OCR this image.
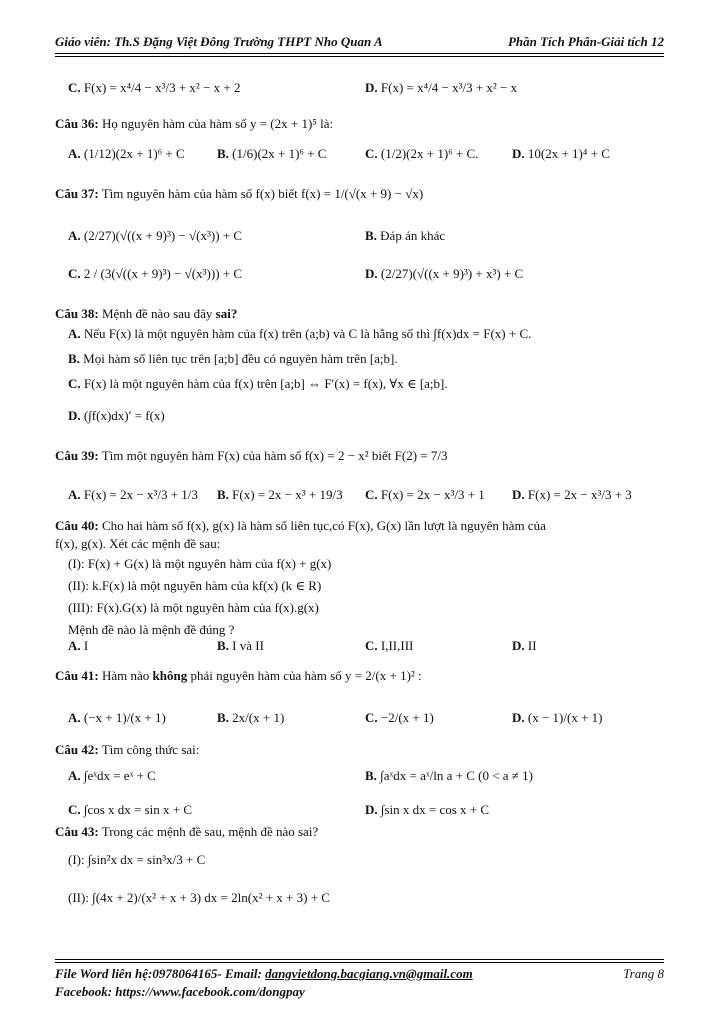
Giáo viên: Th.S Đặng Việt Đông Trường THPT Nho Quan A	Phần Tích Phân-Giải tích 12
C. F(x) = x⁴/4 − x³/3 + x² − x + 2	D. F(x) = x⁴/4 − x³/3 + x² − x
Câu 36: Họ nguyên hàm của hàm số y = (2x + 1)⁵ là:
A. (1/12)(2x + 1)⁶ + C B. (1/6)(2x + 1)⁶ + C	C. (1/2)(2x + 1)⁶ + C.	D. 10(2x + 1)⁴ + C
Câu 37: Tìm nguyên hàm của hàm số f(x) biết f(x) = 1/(√(x + 9) − √x)
A. (2/27)(√((x + 9)³) − √(x³)) + C	B. Đáp án khác
C. 2 / (3(√((x + 9)³) − √(x³))) + C	D. (2/27)(√((x + 9)³) + x³) + C
Câu 38: Mệnh đề nào sau đây sai?
A. Nếu F(x) là một nguyên hàm của f(x) trên (a;b) và C là hằng số thì ∫f(x)dx = F(x) + C.
B. Mọi hàm số liên tục trên [a;b] đều có nguyên hàm trên [a;b].
C. F(x) là một nguyên hàm của f(x) trên [a;b] ⇔ F′(x) = f(x), ∀x ∈ [a;b].
D. (∫f(x)dx)′ = f(x)
Câu 39: Tìm một nguyên hàm F(x) của hàm số f(x) = 2 − x² biết F(2) = 7/3
A. F(x) = 2x − x³/3 + 1/3 B. F(x) = 2x − x³ + 19/3 C. F(x) = 2x − x³/3 + 1 D. F(x) = 2x − x³/3 + 3
Câu 40: Cho hai hàm số f(x), g(x) là hàm số liên tục,có F(x), G(x) lần lượt là nguyên hàm của
f(x), g(x). Xét các mệnh đề sau:
(I): F(x) + G(x) là một nguyên hàm của f(x) + g(x)
(II): k.F(x) là một nguyên hàm của kf(x) (k ∈ R)
(III): F(x).G(x) là một nguyên hàm của f(x).g(x)
Mệnh đề nào là mệnh đề đúng ?
A. I	B. I và II	C. I,II,III	D. II
Câu 41: Hàm nào không phải nguyên hàm của hàm số y = 2/(x + 1)² :
A. (−x + 1)/(x + 1)	B. 2x/(x + 1)	C. −2/(x + 1)	D. (x − 1)/(x + 1)
Câu 42: Tìm công thức sai:
A. ∫eˣdx = eˣ + C	B. ∫aˣdx = aˣ/ln a + C (0 < a ≠ 1)
C. ∫cos x dx = sin x + C	D. ∫sin x dx = cos x + C
Câu 43: Trong các mệnh đề sau, mệnh đề nào sai?
(I): ∫sin²x dx = sin³x/3 + C
(II): ∫(4x + 2)/(x² + x + 3) dx = 2ln(x² + x + 3) + C
File Word liên hệ:0978064165- Email: dangvietdong.bacgiang.vn@gmail.com	Trang 8
Facebook: https://www.facebook.com/dongpay
